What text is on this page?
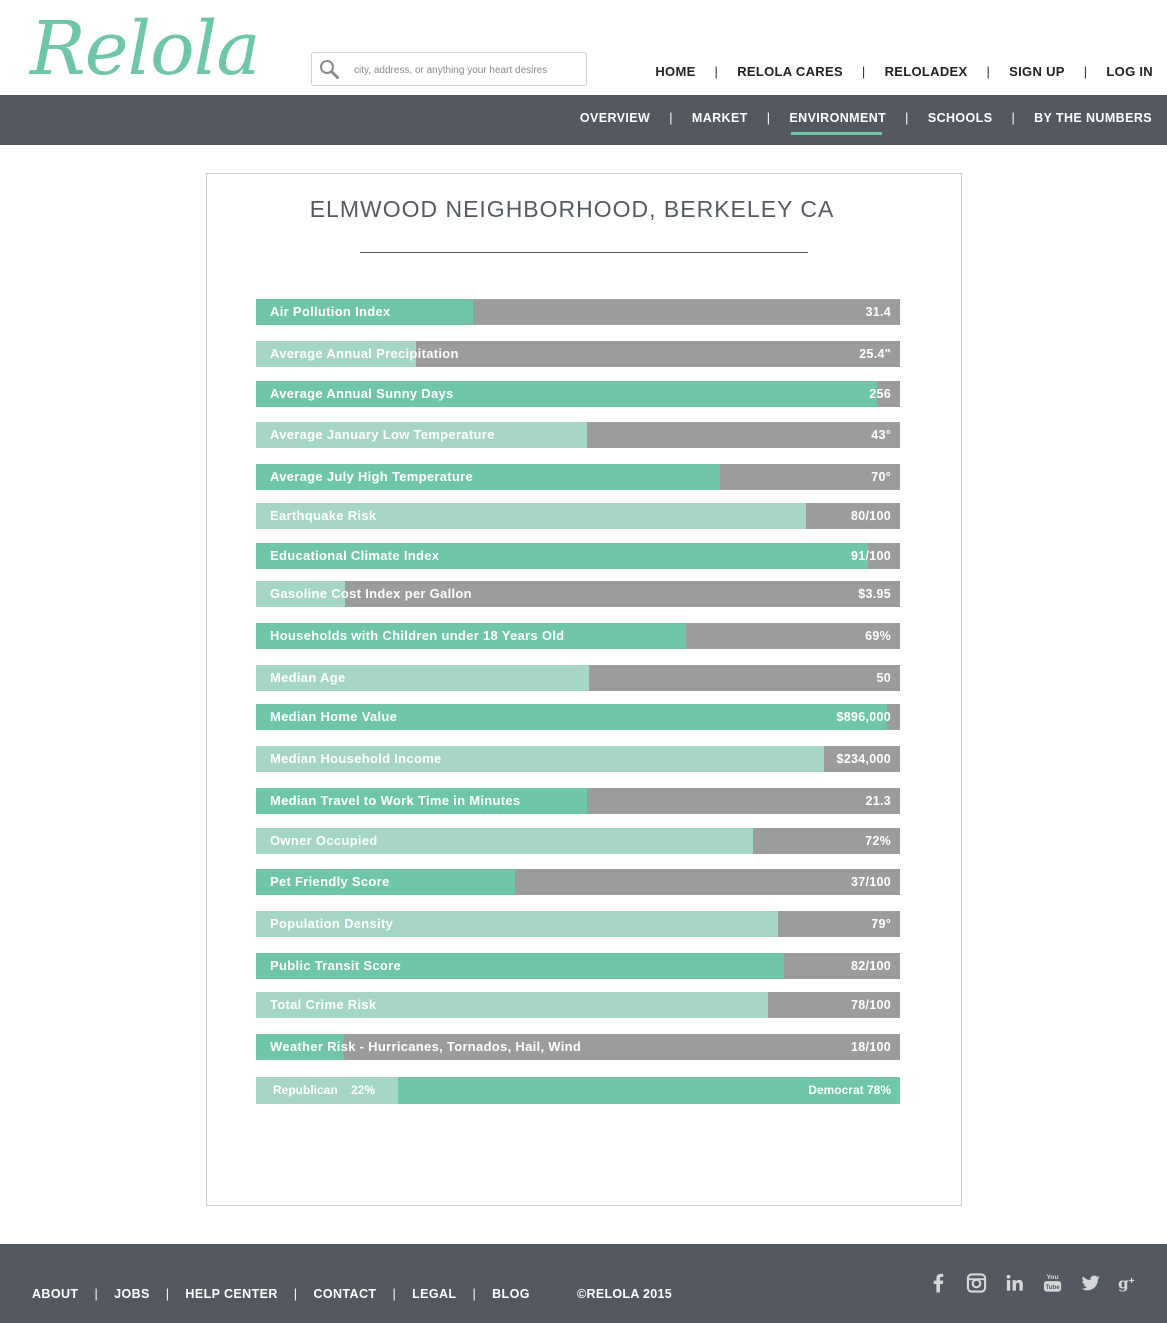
Relola
city, address, or anything your heart desires	HOME | RELOLA CARES | RELOLADEX | SIGN UP | LOG IN
OVERVIEW | MARKET | ENVIRONMENT | SCHOOLS | BY THE NUMBERS
ELMWOOD NEIGHBORHOOD, BERKELEY CA
Air Pollution Index	31.4
Average Annual Precipitation	25.4"
Average Annual Sunny Days	256
Average January Low Temperature	43°
Average July High Temperature	70°
Earthquake Risk	80/100
Educational Climate Index	91/100
Gasoline Cost Index per Gallon	$3.95
Households with Children under 18 Years Old	69%
Median Age	50
Median Home Value	$896,000
Median Household Income	$234,000
Median Travel to Work Time in Minutes	21.3
Owner Occupied	72%
Pet Friendly Score	37/100
Population Density	79°
Public Transit Score	82/100
Total Crime Risk	78/100
Weather Risk - Hurricanes, Tornados, Hail, Wind	18/100
Republican 22%	Democrat 78%
ABOUT | JOBS | HELP CENTER | CONTACT | LEGAL | BLOG	©RELOLA 2015
You
Tube	g +
